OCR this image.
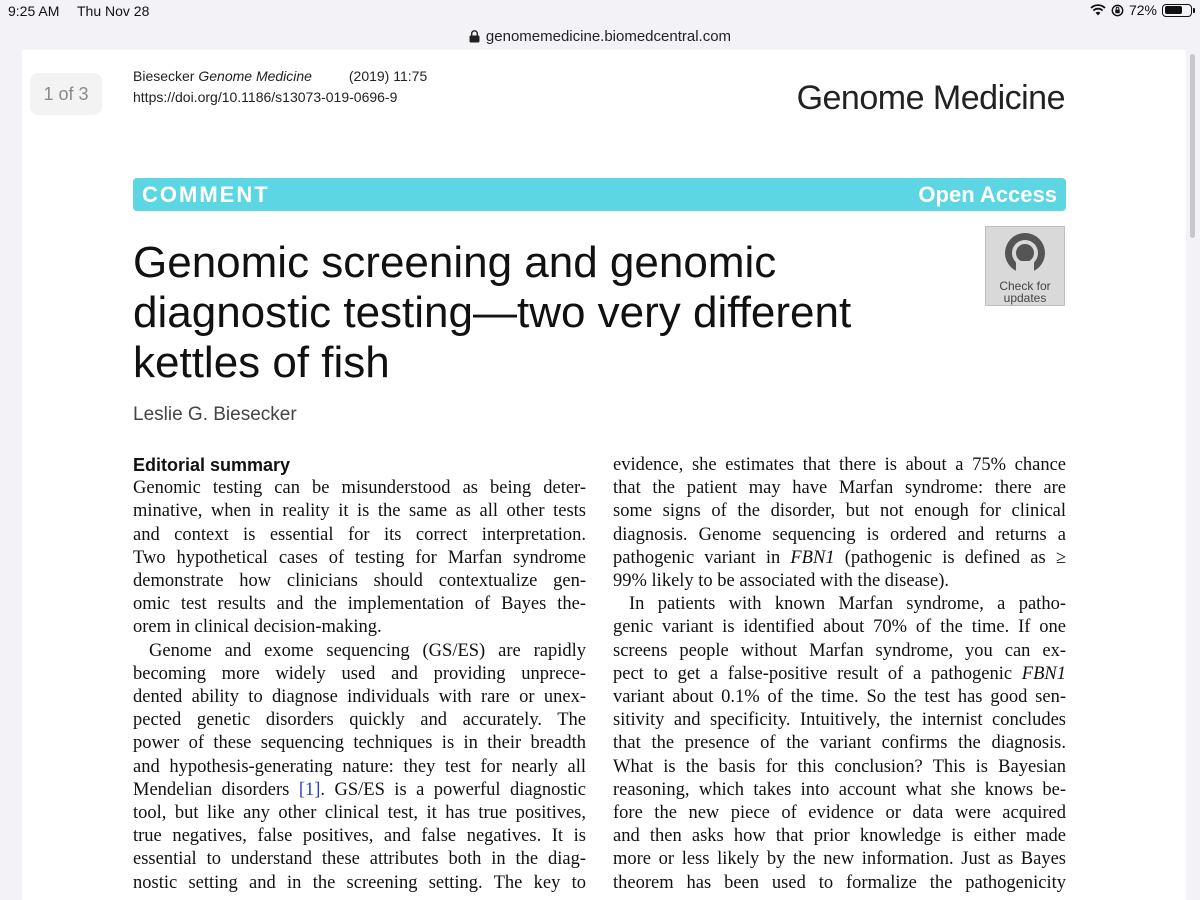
9:25 AM Thu Nov 28	72%
genomemedicine.biomedcentral.com
1 of 3
Biesecker Genome Medicine	(2019) 11:75
https://doi.org/10.1186/s13073-019-0696-9	Genome Medicine
COMMENT	Open Access
Check for
updates
Genomic screening and genomic
diagnostic testing—two very different
kettles of fish
Leslie G. Biesecker
Editorial summary
Genomic testing can be misunderstood as being deter-
minative, when in reality it is the same as all other tests
and context is essential for its correct interpretation.
Two hypothetical cases of testing for Marfan syndrome
demonstrate how clinicians should contextualize gen-
omic test results and the implementation of Bayes the-
orem in clinical decision-making.
Genome and exome sequencing (GS/ES) are rapidly
becoming more widely used and providing unprece-
dented ability to diagnose individuals with rare or unex-
pected genetic disorders quickly and accurately. The
power of these sequencing techniques is in their breadth
and hypothesis-generating nature: they test for nearly all
Mendelian disorders [1]. GS/ES is a powerful diagnostic
tool, but like any other clinical test, it has true positives,
true negatives, false positives, and false negatives. It is
essential to understand these attributes both in the diag-
nostic setting and in the screening setting. The key to
evidence, she estimates that there is about a 75% chance
that the patient may have Marfan syndrome: there are
some signs of the disorder, but not enough for clinical
diagnosis. Genome sequencing is ordered and returns a
pathogenic variant in FBN1 (pathogenic is defined as ≥
99% likely to be associated with the disease).
In patients with known Marfan syndrome, a patho-
genic variant is identified about 70% of the time. If one
screens people without Marfan syndrome, you can ex-
pect to get a false-positive result of a pathogenic FBN1
variant about 0.1% of the time. So the test has good sen-
sitivity and specificity. Intuitively, the internist concludes
that the presence of the variant confirms the diagnosis.
What is the basis for this conclusion? This is Bayesian
reasoning, which takes into account what she knows be-
fore the new piece of evidence or data were acquired
and then asks how that prior knowledge is either made
more or less likely by the new information. Just as Bayes
theorem has been used to formalize the pathogenicity
